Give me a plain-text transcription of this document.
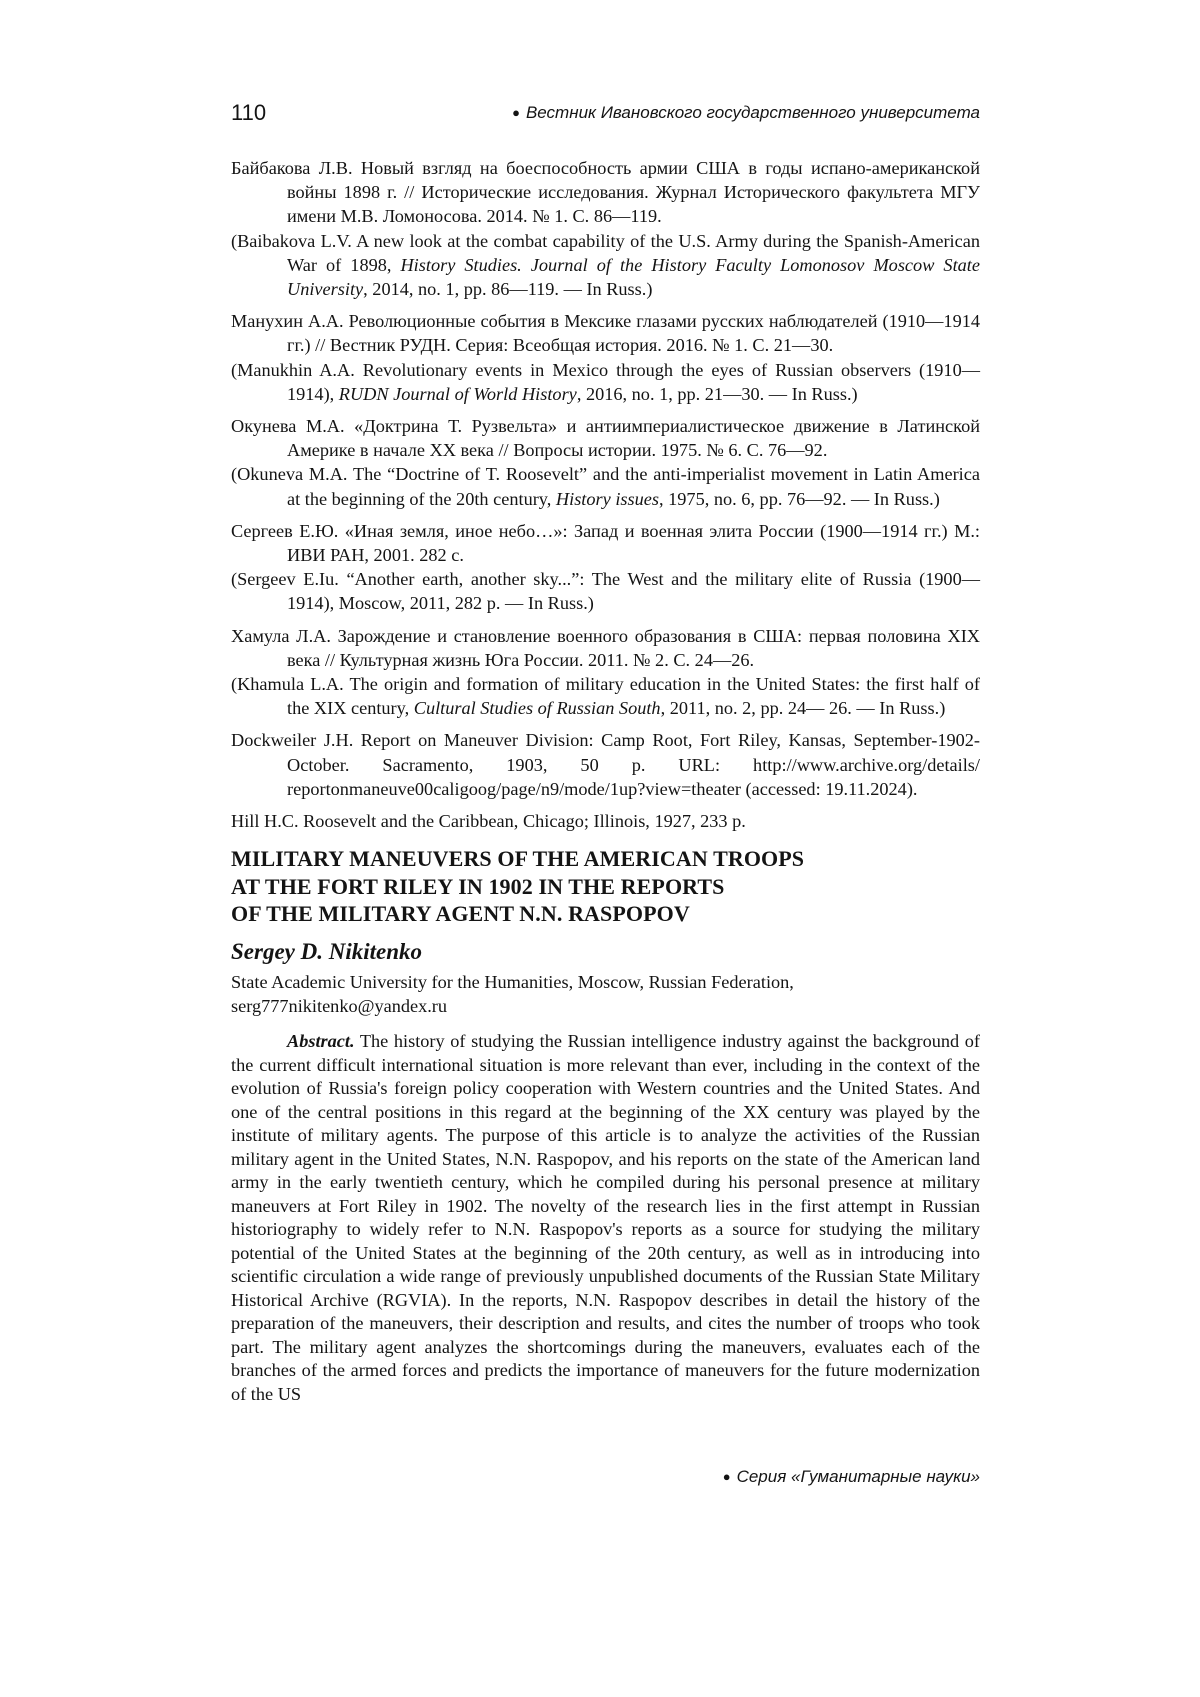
110	● Вестник Ивановского государственного университета
Байбакова Л.В. Новый взгляд на боеспособность армии США в годы испано-американской войны 1898 г. // Исторические исследования. Журнал Исторического факультета МГУ имени М.В. Ломоносова. 2014. № 1. С. 86—119.
(Baibakova L.V. A new look at the combat capability of the U.S. Army during the Spanish-American War of 1898, History Studies. Journal of the History Faculty Lomonosov Moscow State University, 2014, no. 1, pp. 86—119. — In Russ.)
Манухин А.А. Революционные события в Мексике глазами русских наблюдателей (1910—1914 гг.) // Вестник РУДН. Серия: Всеобщая история. 2016. № 1. С. 21—30.
(Manukhin A.A. Revolutionary events in Mexico through the eyes of Russian observers (1910—1914), RUDN Journal of World History, 2016, no. 1, pp. 21—30. — In Russ.)
Окунева М.А. «Доктрина Т. Рузвельта» и антиимпериалистическое движение в Латинской Америке в начале XX века // Вопросы истории. 1975. № 6. С. 76—92.
(Okuneva M.A. The “Doctrine of T. Roosevelt” and the anti-imperialist movement in Latin America at the beginning of the 20th century, History issues, 1975, no. 6, pp. 76—92. — In Russ.)
Сергеев Е.Ю. «Иная земля, иное небо…»: Запад и военная элита России (1900—1914 гг.) М.: ИВИ РАН, 2001. 282 с.
(Sergeev E.Iu. “Another earth, another sky...”: The West and the military elite of Russia (1900—1914), Moscow, 2011, 282 p. — In Russ.)
Хамула Л.А. Зарождение и становление военного образования в США: первая половина XIX века // Культурная жизнь Юга России. 2011. № 2. С. 24—26.
(Khamula L.A. The origin and formation of military education in the United States: the first half of the XIX century, Cultural Studies of Russian South, 2011, no. 2, pp. 24— 26. — In Russ.)
Dockweiler J.H. Report on Maneuver Division: Camp Root, Fort Riley, Kansas, September-1902-October. Sacramento, 1903, 50 p. URL: http://www.archive.org/details/ reportonmaneuve00caligoog/page/n9/mode/1up?view=theater (accessed: 19.11.2024).
Hill H.C. Roosevelt and the Caribbean, Chicago; Illinois, 1927, 233 p.
MILITARY MANEUVERS OF THE AMERICAN TROOPS
AT THE FORT RILEY IN 1902 IN THE REPORTS
OF THE MILITARY AGENT N.N. RASPOPOV
Sergey D. Nikitenko
State Academic University for the Humanities, Moscow, Russian Federation,
serg777nikitenko@yandex.ru
Abstract. The history of studying the Russian intelligence industry against the background of the current difficult international situation is more relevant than ever, including in the context of the evolution of Russia's foreign policy cooperation with Western countries and the United States. And one of the central positions in this regard at the beginning of the XX century was played by the institute of military agents. The purpose of this article is to analyze the activities of the Russian military agent in the United States, N.N. Raspopov, and his reports on the state of the American land army in the early twentieth century, which he compiled during his personal presence at military maneuvers at Fort Riley in 1902. The novelty of the research lies in the first attempt in Russian historiography to widely refer to N.N. Raspopov's reports as a source for studying the military potential of the United States at the beginning of the 20th century, as well as in introducing into scientific circulation a wide range of previously unpublished documents of the Russian State Military Historical Archive (RGVIA). In the reports, N.N. Raspopov describes in detail the history of the preparation of the maneuvers, their description and results, and cites the number of troops who took part. The military agent analyzes the shortcomings during the maneuvers, evaluates each of the branches of the armed forces and predicts the importance of maneuvers for the future modernization of the US
● Серия «Гуманитарные науки»
